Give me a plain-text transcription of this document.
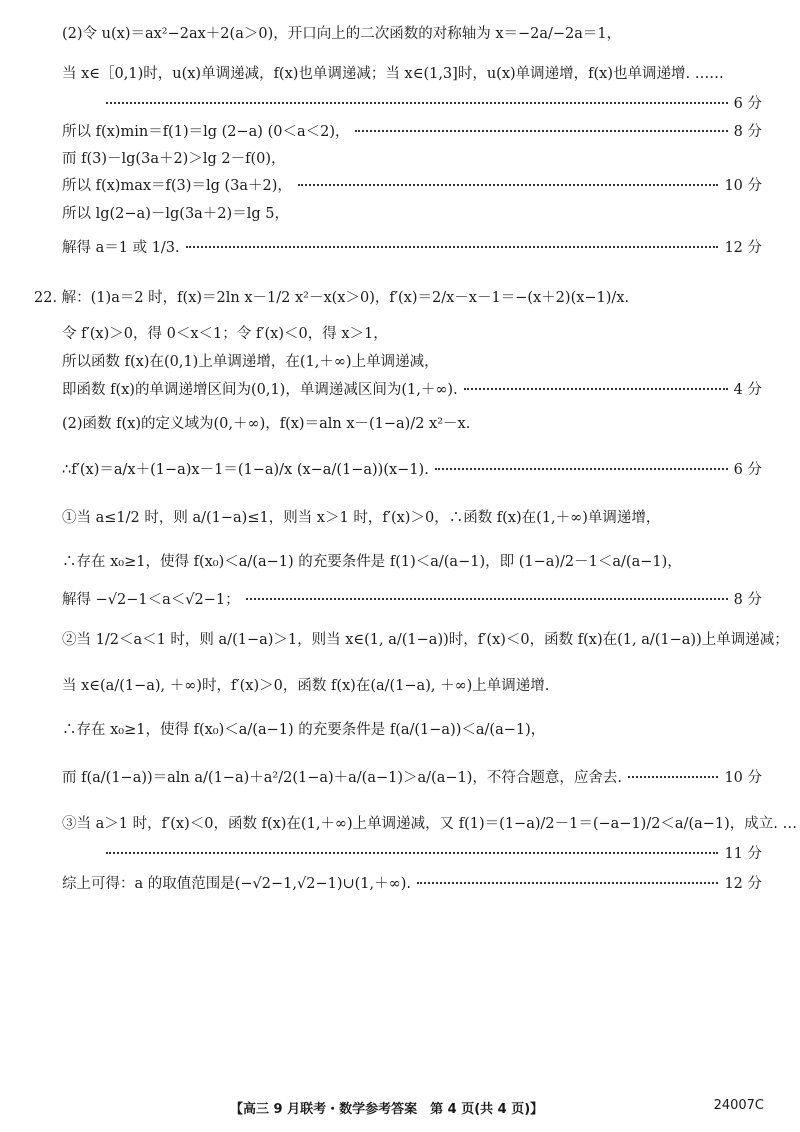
(2)令 u(x)＝ax²−2ax＋2(a＞0)，开口向上的二次函数的对称轴为 x＝−2a/−2a＝1，
当 x∈［0,1)时，u(x)单调递减，f(x)也单调递减；当 x∈(1,3]时，u(x)单调递增，f(x)也单调递增. ……
6 分
所以 f(x)min＝f(1)＝lg (2−a) (0＜a＜2)，	8 分
而 f(3)－lg(3a＋2)＞lg 2－f(0)，
所以 f(x)max＝f(3)＝lg (3a＋2)，	10 分
所以 lg(2−a)－lg(3a＋2)＝lg 5，
解得 a＝1 或 1/3.	12 分
22. 解：(1)a＝2 时，f(x)＝2ln x－1/2 x²－x(x＞0)，f′(x)＝2/x－x－1＝−(x＋2)(x−1)/x.
令 f′(x)＞0，得 0＜x＜1；令 f′(x)＜0，得 x＞1，
所以函数 f(x)在(0,1)上单调递增，在(1,＋∞)上单调递减，
即函数 f(x)的单调递增区间为(0,1)，单调递减区间为(1,＋∞).	4 分
(2)函数 f(x)的定义域为(0,＋∞)，f(x)＝aln x－(1−a)/2 x²－x.
∴f′(x)＝a/x＋(1−a)x－1＝(1−a)/x (x−a/(1−a))(x−1).	6 分
①当 a≤1/2 时，则 a/(1−a)≤1，则当 x＞1 时，f′(x)＞0，∴函数 f(x)在(1,＋∞)单调递增，
∴存在 x₀≥1，使得 f(x₀)＜a/(a−1) 的充要条件是 f(1)＜a/(a−1)，即 (1−a)/2－1＜a/(a−1)，
解得 −√2−1＜a＜√2−1；	8 分
②当 1/2＜a＜1 时，则 a/(1−a)＞1，则当 x∈(1, a/(1−a))时，f′(x)＜0，函数 f(x)在(1, a/(1−a))上单调递减；
当 x∈(a/(1−a), ＋∞)时，f′(x)＞0，函数 f(x)在(a/(1−a), ＋∞)上单调递增.
∴存在 x₀≥1，使得 f(x₀)＜a/(a−1) 的充要条件是 f(a/(1−a))＜a/(a−1)，
而 f(a/(1−a))＝aln a/(1−a)＋a²/2(1−a)＋a/(a−1)＞a/(a−1)，不符合题意，应舍去.	10 分
③当 a＞1 时，f′(x)＜0，函数 f(x)在(1,＋∞)上单调递减，又 f(1)＝(1−a)/2－1＝(−a−1)/2＜a/(a−1)，成立. …
11 分
综上可得：a 的取值范围是(−√2−1,√2−1)∪(1,＋∞).	12 分
【高三 9 月联考・数学参考答案　第 4 页(共 4 页)】	24007C
